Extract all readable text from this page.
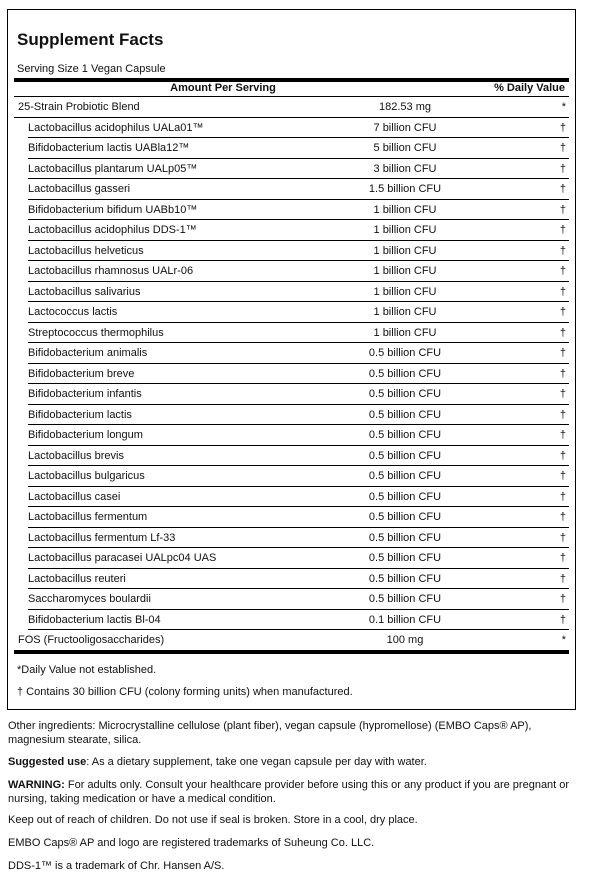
Supplement Facts
Serving Size 1 Vegan Capsule
Amount Per Serving	% Daily Value
25-Strain Probiotic Blend	182.53 mg	*
Lactobacillus acidophilus UALa01™	7 billion CFU	†
Bifidobacterium lactis UABla12™	5 billion CFU	†
Lactobacillus plantarum UALp05™	3 billion CFU	†
Lactobacillus gasseri	1.5 billion CFU	†
Bifidobacterium bifidum UABb10™	1 billion CFU	†
Lactobacillus acidophilus DDS-1™	1 billion CFU	†
Lactobacillus helveticus	1 billion CFU	†
Lactobacillus rhamnosus UALr-06	1 billion CFU	†
Lactobacillus salivarius	1 billion CFU	†
Lactococcus lactis	1 billion CFU	†
Streptococcus thermophilus	1 billion CFU	†
Bifidobacterium animalis	0.5 billion CFU	†
Bifidobacterium breve	0.5 billion CFU	†
Bifidobacterium infantis	0.5 billion CFU	†
Bifidobacterium lactis	0.5 billion CFU	†
Bifidobacterium longum	0.5 billion CFU	†
Lactobacillus brevis	0.5 billion CFU	†
Lactobacillus bulgaricus	0.5 billion CFU	†
Lactobacillus casei	0.5 billion CFU	†
Lactobacillus fermentum	0.5 billion CFU	†
Lactobacillus fermentum Lf-33	0.5 billion CFU	†
Lactobacillus paracasei UALpc04 UAS	0.5 billion CFU	†
Lactobacillus reuteri	0.5 billion CFU	†
Saccharomyces boulardii	0.5 billion CFU	†
Bifidobacterium lactis Bl-04	0.1 billion CFU	†
FOS (Fructooligosaccharides)	100 mg	*
*Daily Value not established.
† Contains 30 billion CFU (colony forming units) when manufactured.
Other ingredients: Microcrystalline cellulose (plant fiber), vegan capsule (hypromellose) (EMBO Caps® AP), magnesium stearate, silica.
Suggested use: As a dietary supplement, take one vegan capsule per day with water.
WARNING: For adults only. Consult your healthcare provider before using this or any product if you are pregnant or nursing, taking medication or have a medical condition.
Keep out of reach of children. Do not use if seal is broken. Store in a cool, dry place.
EMBO Caps® AP and logo are registered trademarks of Suheung Co. LLC.
DDS-1™ is a trademark of Chr. Hansen A/S.
